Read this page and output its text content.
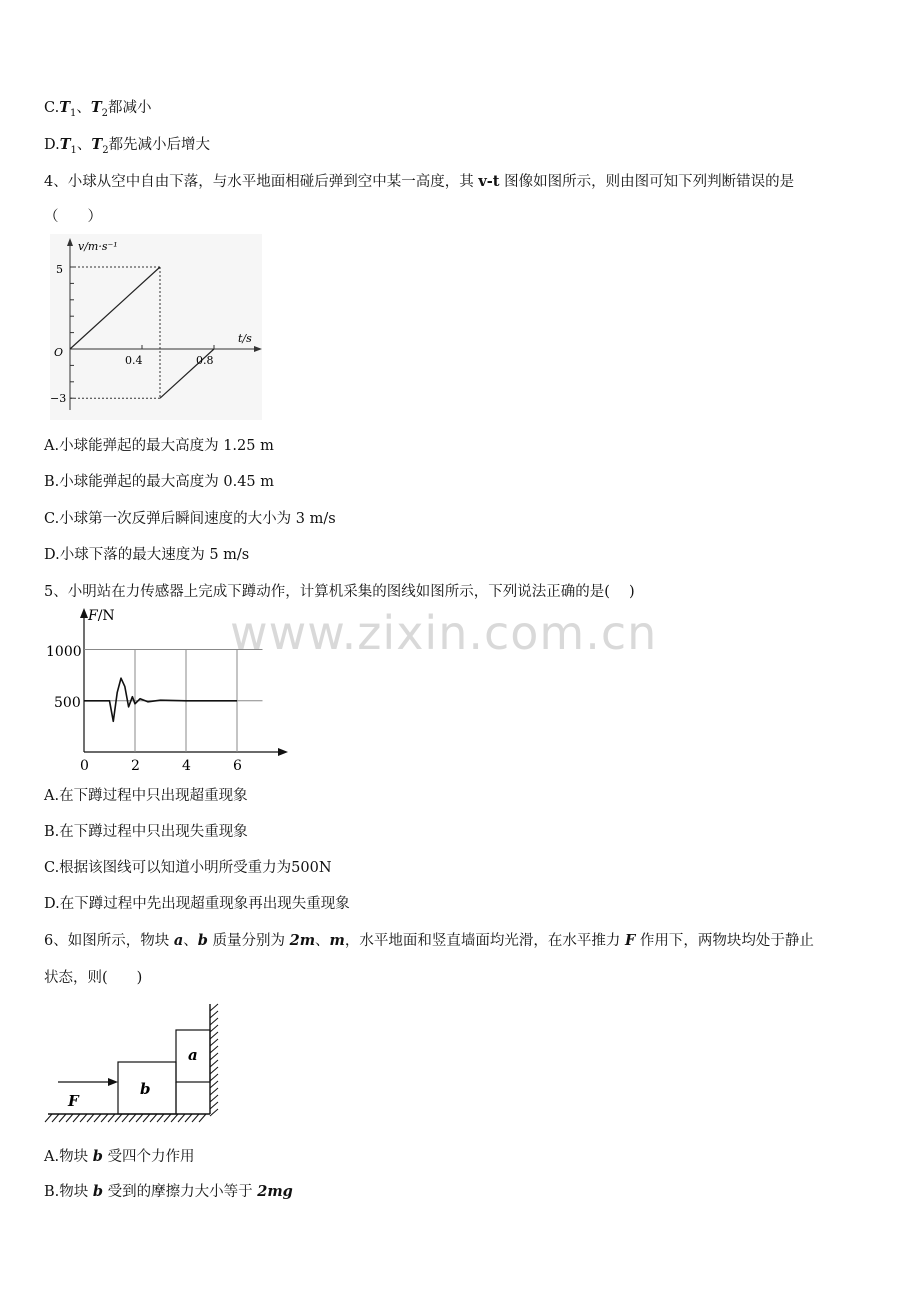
$C.T_1$、$T_2$都减小
$D.T_1$、$T_2$都先减小后增大
4、小球从空中自由下落，与水平地面相碰后弹到空中某一高度，其 v-t 图像如图所示，则由图可知下列判断错误的是
（　　）
v/m·s⁻¹
t/s
O
5
−3
0.4	0.8
A.小球能弹起的最大高度为 1.25 m
B.小球能弹起的最大高度为 0.45 m
C.小球第一次反弹后瞬间速度的大小为 3 m/s
D.小球下落的最大速度为 5 m/s
5、小明站在力传感器上完成下蹲动作，计算机采集的图线如图所示，下列说法正确的是(　 )
F/N
1000
500
0	2	4	6
A.在下蹲过程中只出现超重现象
B.在下蹲过程中只出现失重现象
C.根据该图线可以知道小明所受重力为500N
D.在下蹲过程中先出现超重现象再出现失重现象
6、如图所示，物块 a、b 质量分别为 2m、m，水平地面和竖直墙面均光滑，在水平推力 F 作用下，两物块均处于静止
状态，则(　　)
b
a
F
A.物块 b 受四个力作用
B.物块 b 受到的摩擦力大小等于 2mg
www.zixin.com.cn
